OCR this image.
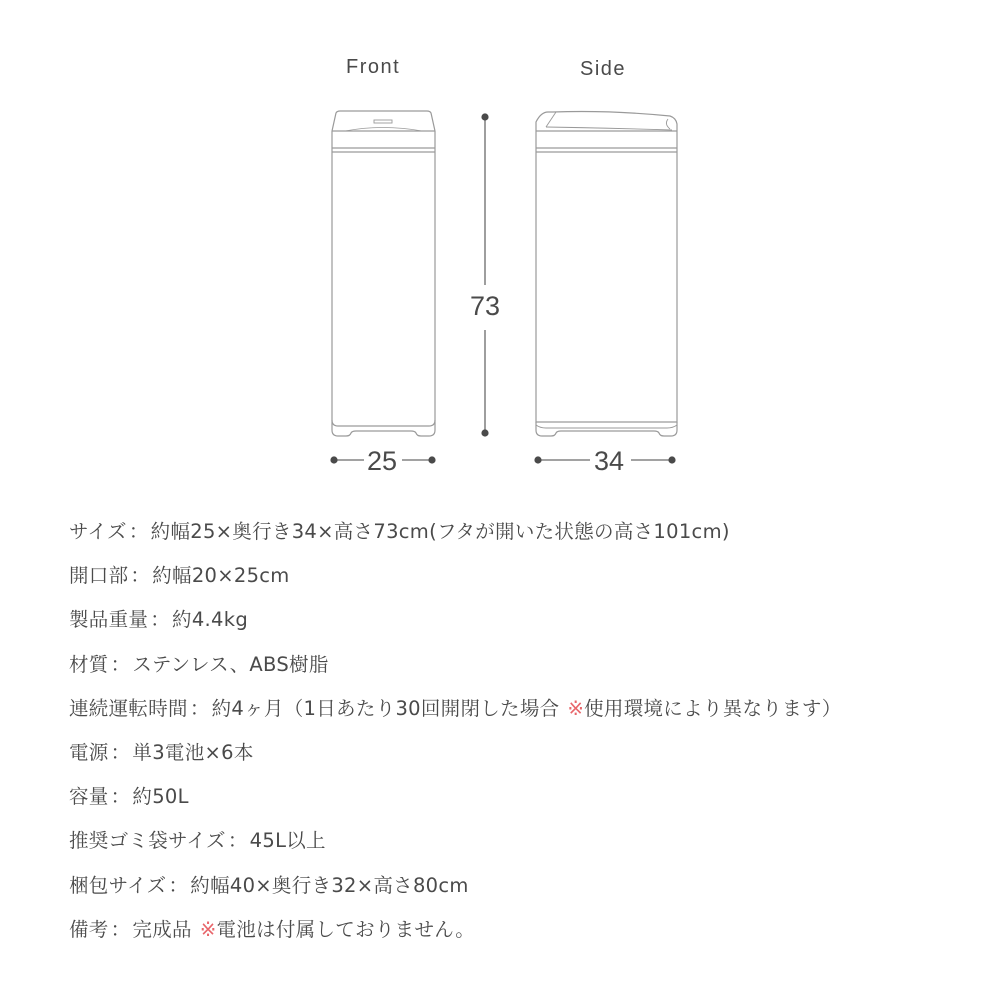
Front	Side
73
25	34
サイズ ： 約幅25×奥行き34×高さ73cm(フタが開いた状態の高さ101cm)
開口部 ： 約幅20×25cm
製品重量 ： 約4.4kg
材質 ： ステンレス、ABS樹脂
連続運転時間 ： 約4ヶ月（1日あたり30回開閉した場合 ※使用環境により異なります）
電源 ： 単3電池×6本
容量 ： 約50L
推奨ゴミ袋サイズ ： 45L以上
梱包サイズ ： 約幅40×奥行き32×高さ80cm
備考 ： 完成品 ※電池は付属しておりません。
